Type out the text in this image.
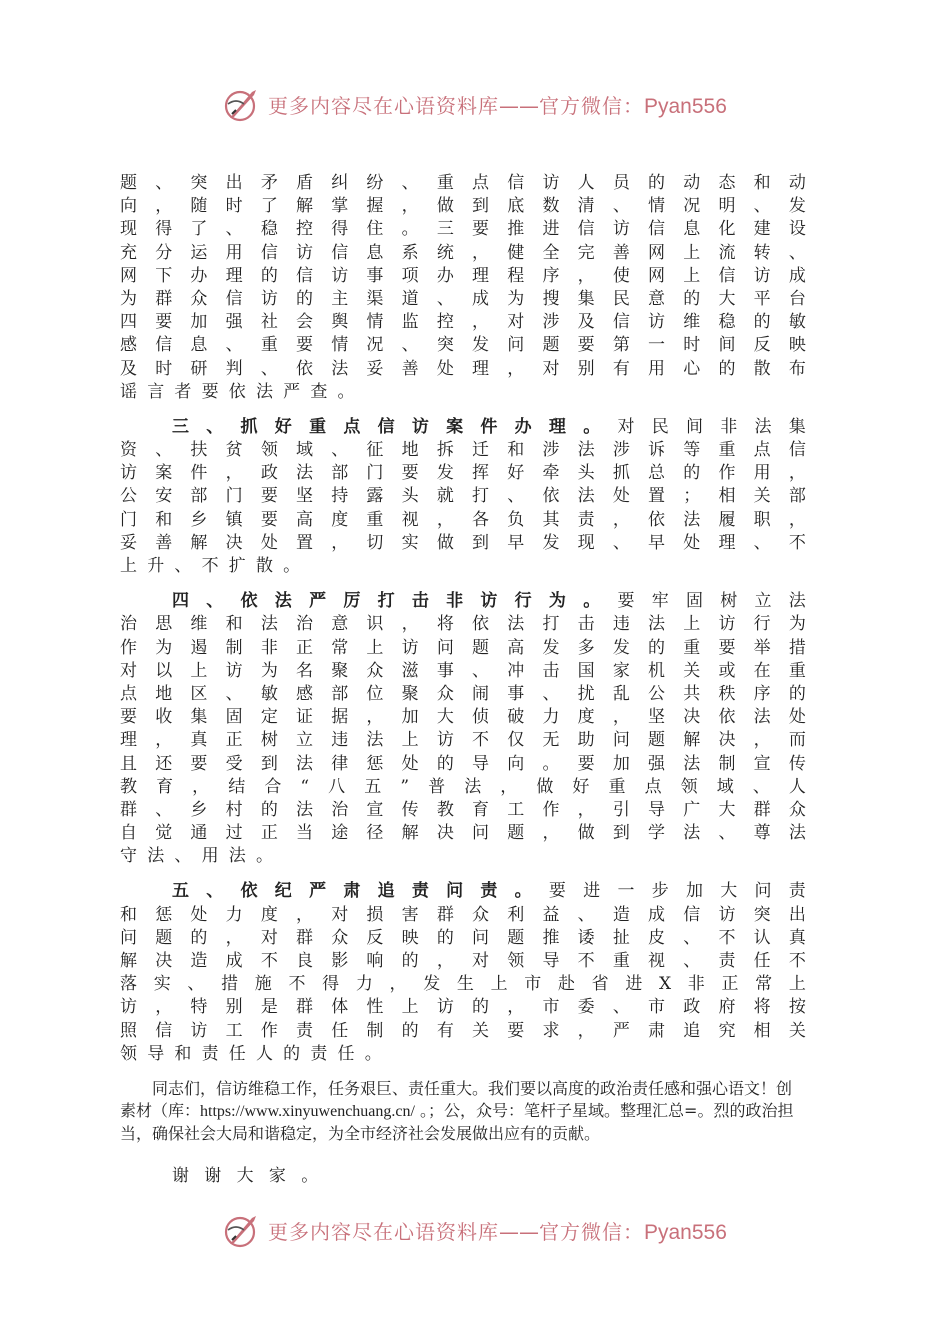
更多内容尽在心语资料库——官方微信：Pyan556
题 、 突 出 矛 盾 纠 纷 、 重 点 信 访 人 员 的 动 态 和 动
向 ， 随 时 了 解 掌 握 ， 做 到 底 数 清 、 情 况 明 、 发
现 得 了 、 稳 控 得 住 。 三 要 推 进 信 访 信 息 化 建 设
充 分 运 用 信 访 信 息 系 统 ， 健 全 完 善 网 上 流 转 、
网 下 办 理 的 信 访 事 项 办 理 程 序 ， 使 网 上 信 访 成
为 群 众 信 访 的 主 渠 道 、 成 为 搜 集 民 意 的 大 平 台
四 要 加 强 社 会 舆 情 监 控 ， 对 涉 及 信 访 维 稳 的 敏
感 信 息 、 重 要 情 况 、 突 发 问 题 要 第 一 时 间 反 映
及 时 研 判 、 依 法 妥 善 处 理 ， 对 别 有 用 心 的 散 布
谣 言 者 要 依 法 严 查 。
三 、 抓 好 重 点 信 访 案 件 办 理 。 对 民 间 非 法 集
资 、 扶 贫 领 域 、 征 地 拆 迁 和 涉 法 涉 诉 等 重 点 信
访 案 件 ， 政 法 部 门 要 发 挥 好 牵 头 抓 总 的 作 用 ，
公 安 部 门 要 坚 持 露 头 就 打 、 依 法 处 置 ； 相 关 部
门 和 乡 镇 要 高 度 重 视 ， 各 负 其 责 ， 依 法 履 职 ，
妥 善 解 决 处 置 ， 切 实 做 到 早 发 现 、 早 处 理 、 不
上 升 、 不 扩 散 。
四 、 依 法 严 厉 打 击 非 访 行 为 。 要 牢 固 树 立 法
治 思 维 和 法 治 意 识 ， 将 依 法 打 击 违 法 上 访 行 为
作 为 遏 制 非 正 常 上 访 问 题 高 发 多 发 的 重 要 举 措
对 以 上 访 为 名 聚 众 滋 事 、 冲 击 国 家 机 关 或 在 重
点 地 区 、 敏 感 部 位 聚 众 闹 事 、 扰 乱 公 共 秩 序 的
要 收 集 固 定 证 据 ， 加 大 侦 破 力 度 ， 坚 决 依 法 处
理 ， 真 正 树 立 违 法 上 访 不 仅 无 助 问 题 解 决 ， 而
且 还 要 受 到 法 律 惩 处 的 导 向 。 要 加 强 法 制 宣 传
教 育 ， 结 合 “ 八 五 ” 普 法 ， 做 好 重 点 领 域 、 人
群 、 乡 村 的 法 治 宣 传 教 育 工 作 ， 引 导 广 大 群 众
自 觉 通 过 正 当 途 径 解 决 问 题 ， 做 到 学 法 、 尊 法
守 法 、 用 法 。
五 、 依 纪 严 肃 追 责 问 责 。 要 进 一 步 加 大 问 责
和 惩 处 力 度 ， 对 损 害 群 众 利 益 、 造 成 信 访 突 出
问 题 的 ， 对 群 众 反 映 的 问 题 推 诿 扯 皮 、 不 认 真
解 决 造 成 不 良 影 响 的 ， 对 领 导 不 重 视 、 责 任 不
落 实 、 措 施 不 得 力 ， 发 生 上 市 赴 省 进 X 非 正 常 上
访 ， 特 别 是 群 体 性 上 访 的 ， 市 委 、 市 政 府 将 按
照 信 访 工 作 责 任 制 的 有 关 要 求 ， 严 肃 追 究 相 关
领 导 和 责 任 人 的 责 任 。

同志们，信访维稳工作，任务艰巨、责任重大。我们要以高度的政治责任感和强心语文！创素材（库：https://www.xinyuwenchuang.cn/ 。；公，众号：笔杆子星域。整理汇总=。烈的政治担当，确保社会大局和谐稳定，为全市经济社会发展做出应有的贡献。

谢谢大家。
更多内容尽在心语资料库——官方微信：Pyan556
